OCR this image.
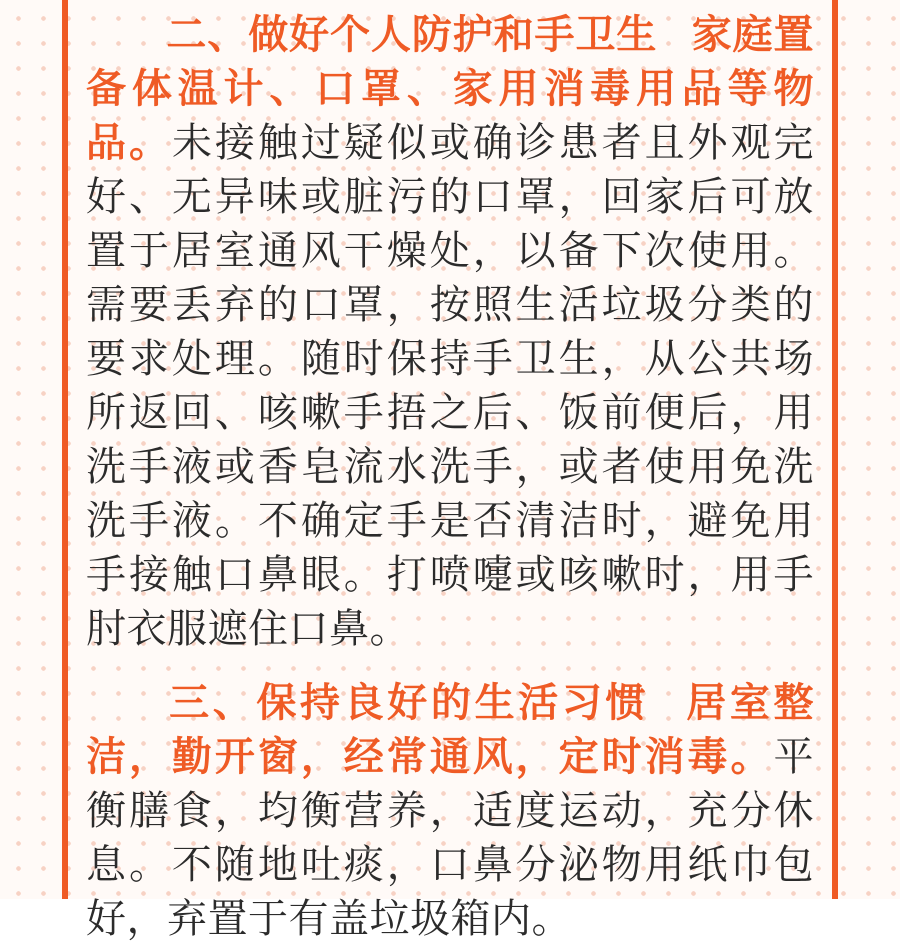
二、做好个人防护和手卫生 家庭置备体温计、口罩、家用消毒用品等物品。未接触过疑似或确诊患者且外观完好、无异味或脏污的口罩，回家后可放置于居室通风干燥处，以备下次使用。需要丢弃的口罩，按照生活垃圾分类的要求处理。随时保持手卫生，从公共场所返回、咳嗽手捂之后、饭前便后，用洗手液或香皂流水洗手，或者使用免洗洗手液。不确定手是否清洁时，避免用手接触口鼻眼。打喷嚏或咳嗽时，用手肘衣服遮住口鼻。

三、保持良好的生活习惯 居室整洁，勤开窗，经常通风，定时消毒。平衡膳食，均衡营养，适度运动，充分休息。不随地吐痰，口鼻分泌物用纸巾包好，弃置于有盖垃圾箱内。
